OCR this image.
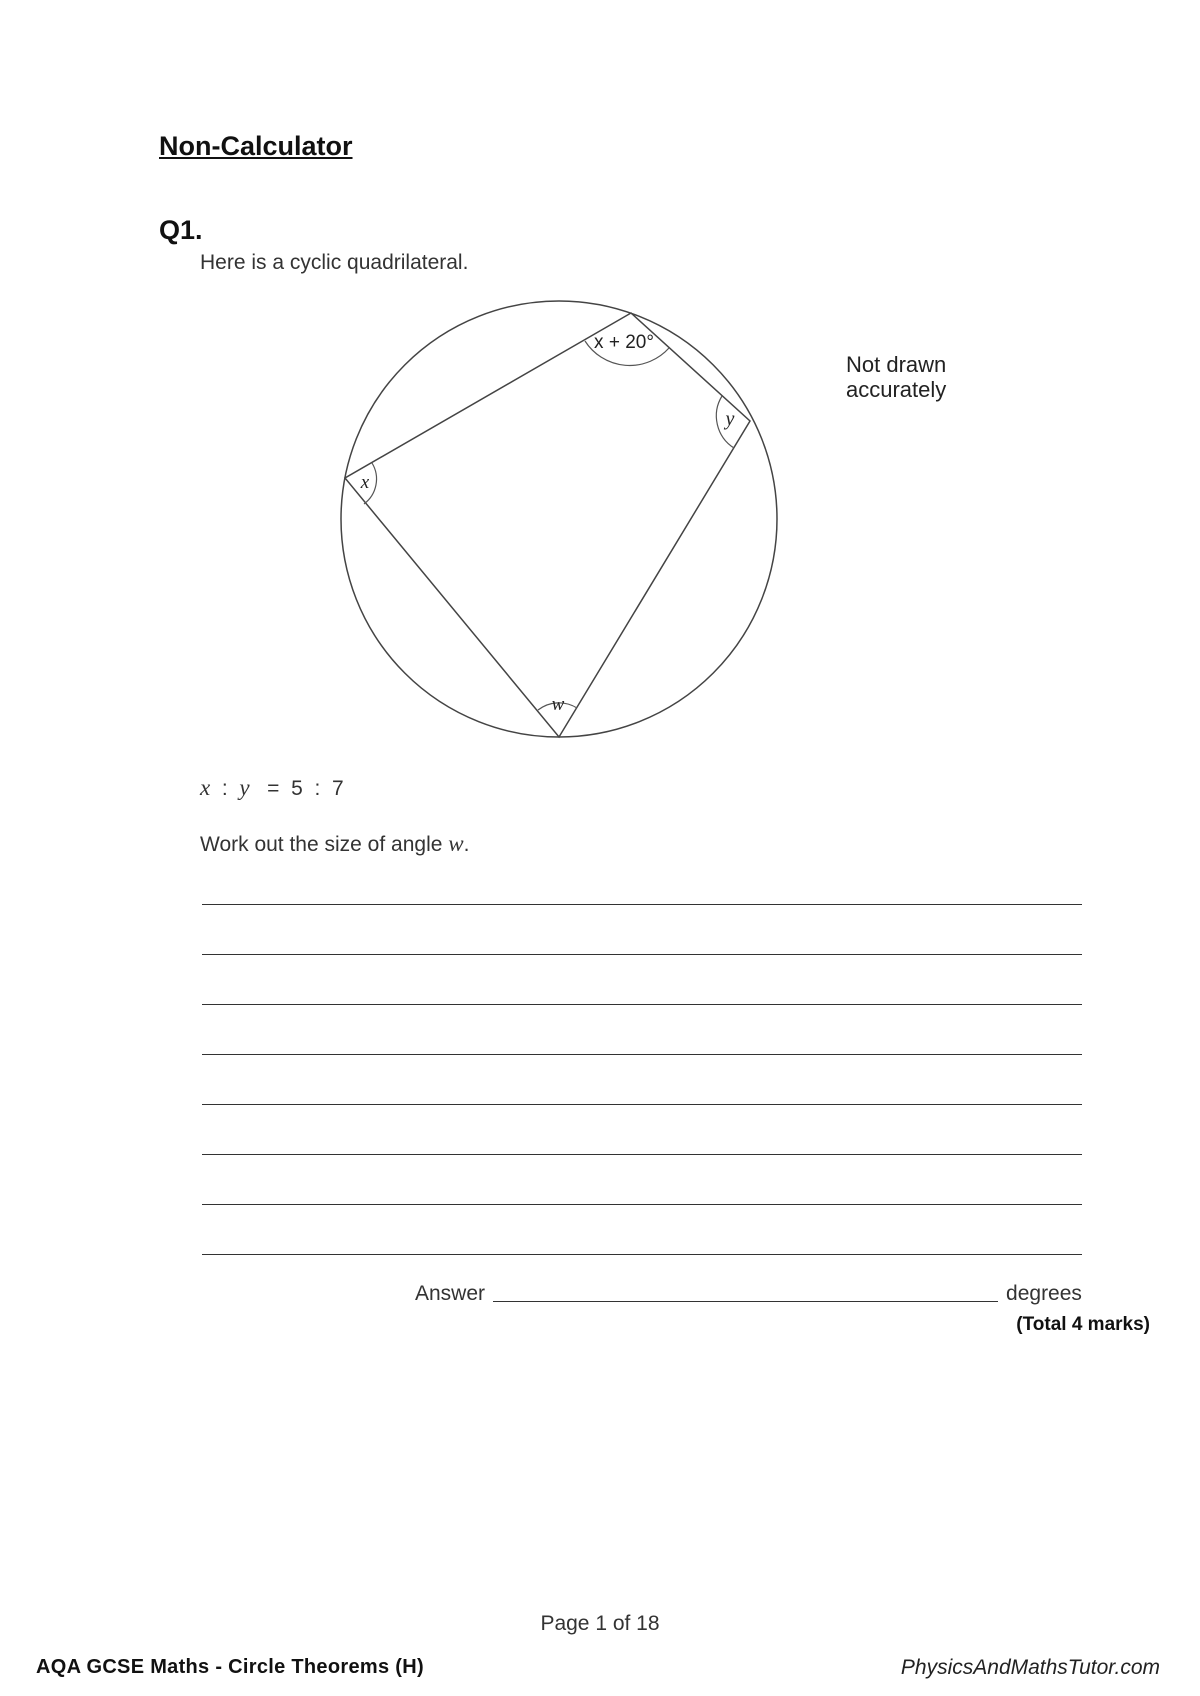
Non-Calculator
Q1.
Here is a cyclic quadrilateral.
x + 20°
y
x
w
Not drawn
accurately
x : y = 5 : 7
Work out the size of angle w.
Answer	degrees
(Total 4 marks)
Page 1 of 18
AQA GCSE Maths - Circle Theorems (H)	PhysicsAndMathsTutor.com
